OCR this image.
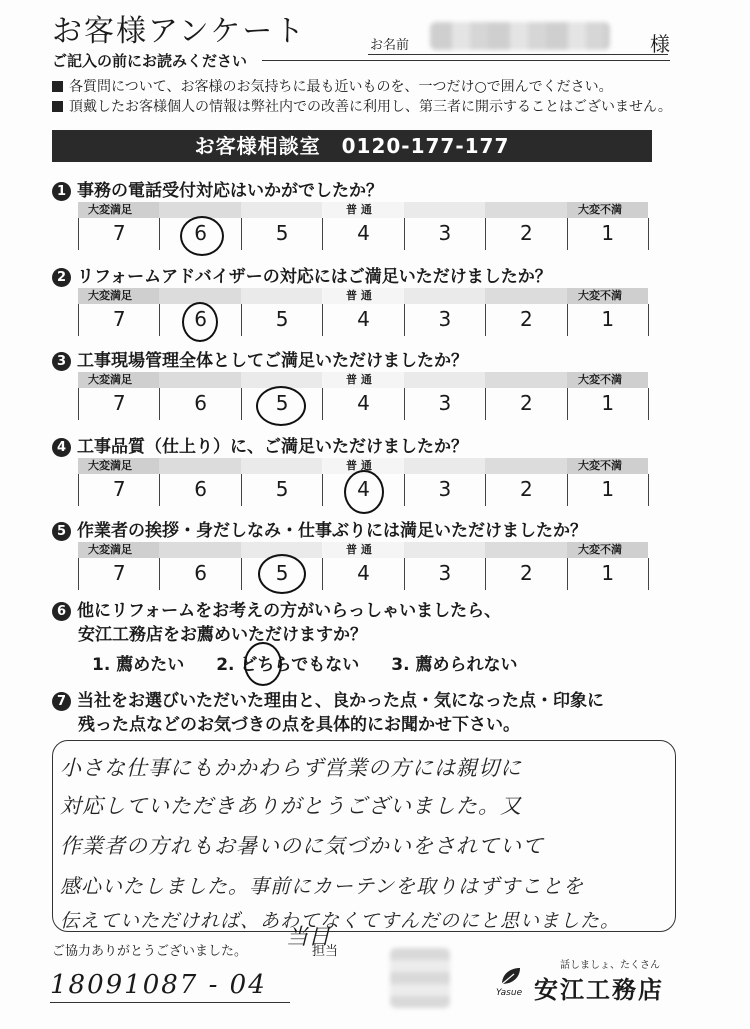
お客様アンケート	お名前	様
ご記入の前にお読みください
各質問について、お客様のお気持ちに最も近いものを、一つだけ○で囲んでください。
頂戴したお客様個人の情報は弊社内での改善に利用し、第三者に開示することはございません。
お客様相談室　0120-177-177
1 事務の電話受付対応はいかがでしたか？
大変満足	普 通	大変不満
7	6	5	4	3	2	1
2 リフォームアドバイザーの対応にはご満足いただけましたか？
大変満足	普 通	大変不満
7	6	5	4	3	2	1
3 工事現場管理全体としてご満足いただけましたか？
大変満足	普 通	大変不満
7	6	5	4	3	2	1
4 工事品質（仕上り）に、ご満足いただけましたか？
大変満足	普 通	大変不満
7	6	5	4	3	2	1
5 作業者の挨拶・身だしなみ・仕事ぶりには満足いただけましたか？
大変満足	普 通	大変不満
7	6	5	4	3	2	1
6 他にリフォームをお考えの方がいらっしゃいましたら、
安江工務店をお薦めいただけますか？
1. 薦めたい 2. どちらでもない 3. 薦められない
7 当社をお選びいただいた理由と、良かった点・気になった点・印象に
残った点などのお気づきの点を具体的にお聞かせ下さい。
小さな仕事にもかかわらず営業の方には親切に
対応していただきありがとうございました。又
作業者の方れもお暑いのに気づかいをされていて
感心いたしました。事前にカーテンを取りはずすことを
伝えていただければ、あわてなくてすんだのにと思いました。
ご協力ありがとうございました。
当日
担当
18091087 - 04	Yasue
話しましょ、たくさん
安江工務店
